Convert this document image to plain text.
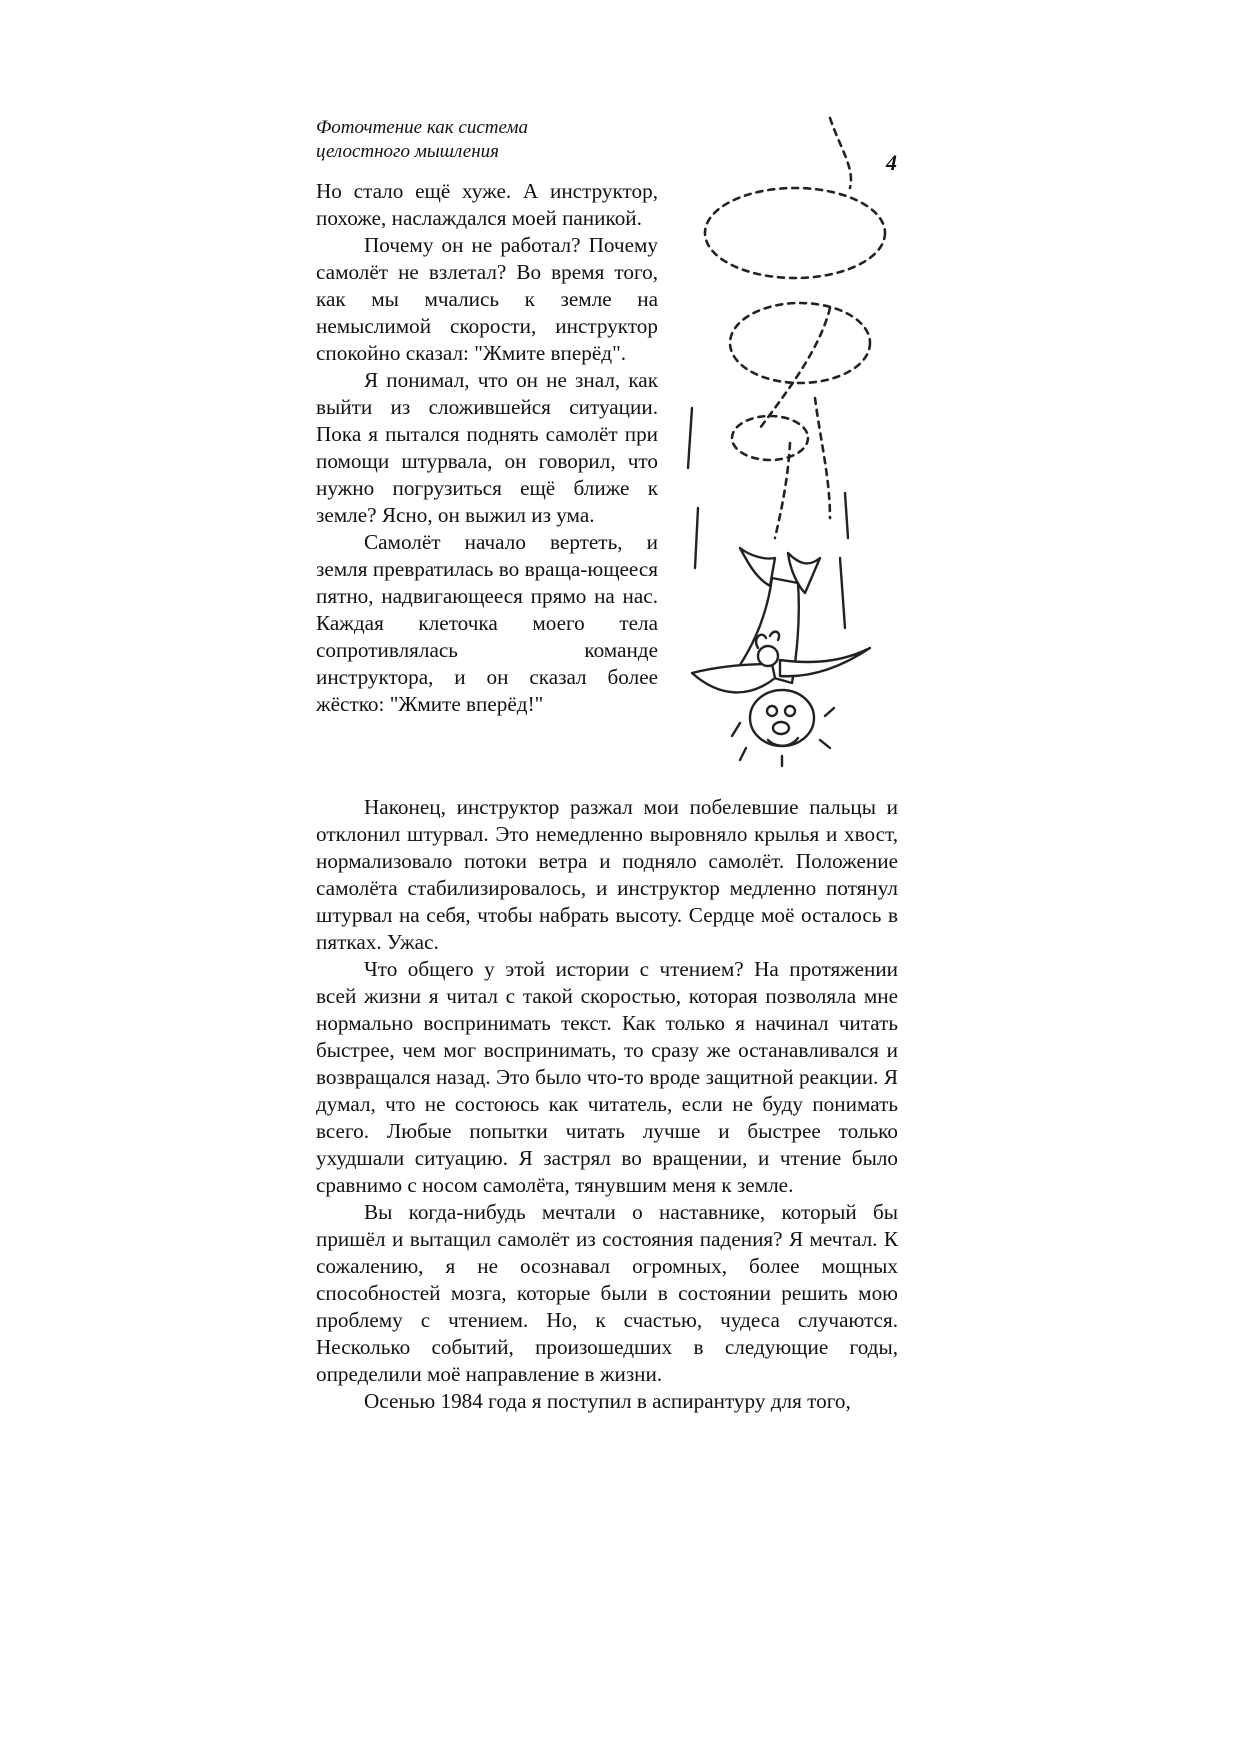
Фоточтение как система
целостного мышления	4

Но стало ещё хуже. А инструктор, похоже, наслаждался моей паникой.

Почему он не работал? Почему самолёт не взлетал? Во время того, как мы мчались к земле на немыслимой скорости, инструктор спокойно сказал: "Жмите вперёд".

Я понимал, что он не знал, как выйти из сложившейся ситуации. Пока я пытался поднять самолёт при помощи штурвала, он говорил, что нужно погрузиться ещё ближе к земле? Ясно, он выжил из ума.

Самолёт начало вертеть, и земля превратилась во враща-ющееся пятно, надвигающееся прямо на нас. Каждая клеточка моего тела сопротивлялась команде инструктора, и он сказал более жёстко: "Жмите вперёд!"

Наконец, инструктор разжал мои побелевшие пальцы и отклонил штурвал. Это немедленно выровняло крылья и хвост, нормализовало потоки ветра и подняло самолёт. Положение самолёта стабилизировалось, и инструктор медленно потянул штурвал на себя, чтобы набрать высоту. Сердце моё осталось в пятках. Ужас.

Что общего у этой истории с чтением? На протяжении всей жизни я читал с такой скоростью, которая позволяла мне нормально воспринимать текст. Как только я начинал читать быстрее, чем мог воспринимать, то сразу же останавливался и возвращался назад. Это было что-то вроде защитной реакции. Я думал, что не состоюсь как читатель, если не буду понимать всего. Любые попытки читать лучше и быстрее только ухудшали ситуацию. Я застрял во вращении, и чтение было сравнимо с носом самолёта, тянувшим меня к земле.

Вы когда-нибудь мечтали о наставнике, который бы пришёл и вытащил самолёт из состояния падения? Я мечтал. К сожалению, я не осознавал огромных, более мощных способностей мозга, которые были в состоянии решить мою проблему с чтением. Но, к счастью, чудеса случаются. Несколько событий, произошедших в следующие годы, определили моё направление в жизни.

Осенью 1984 года я поступил в аспирантуру для того,
